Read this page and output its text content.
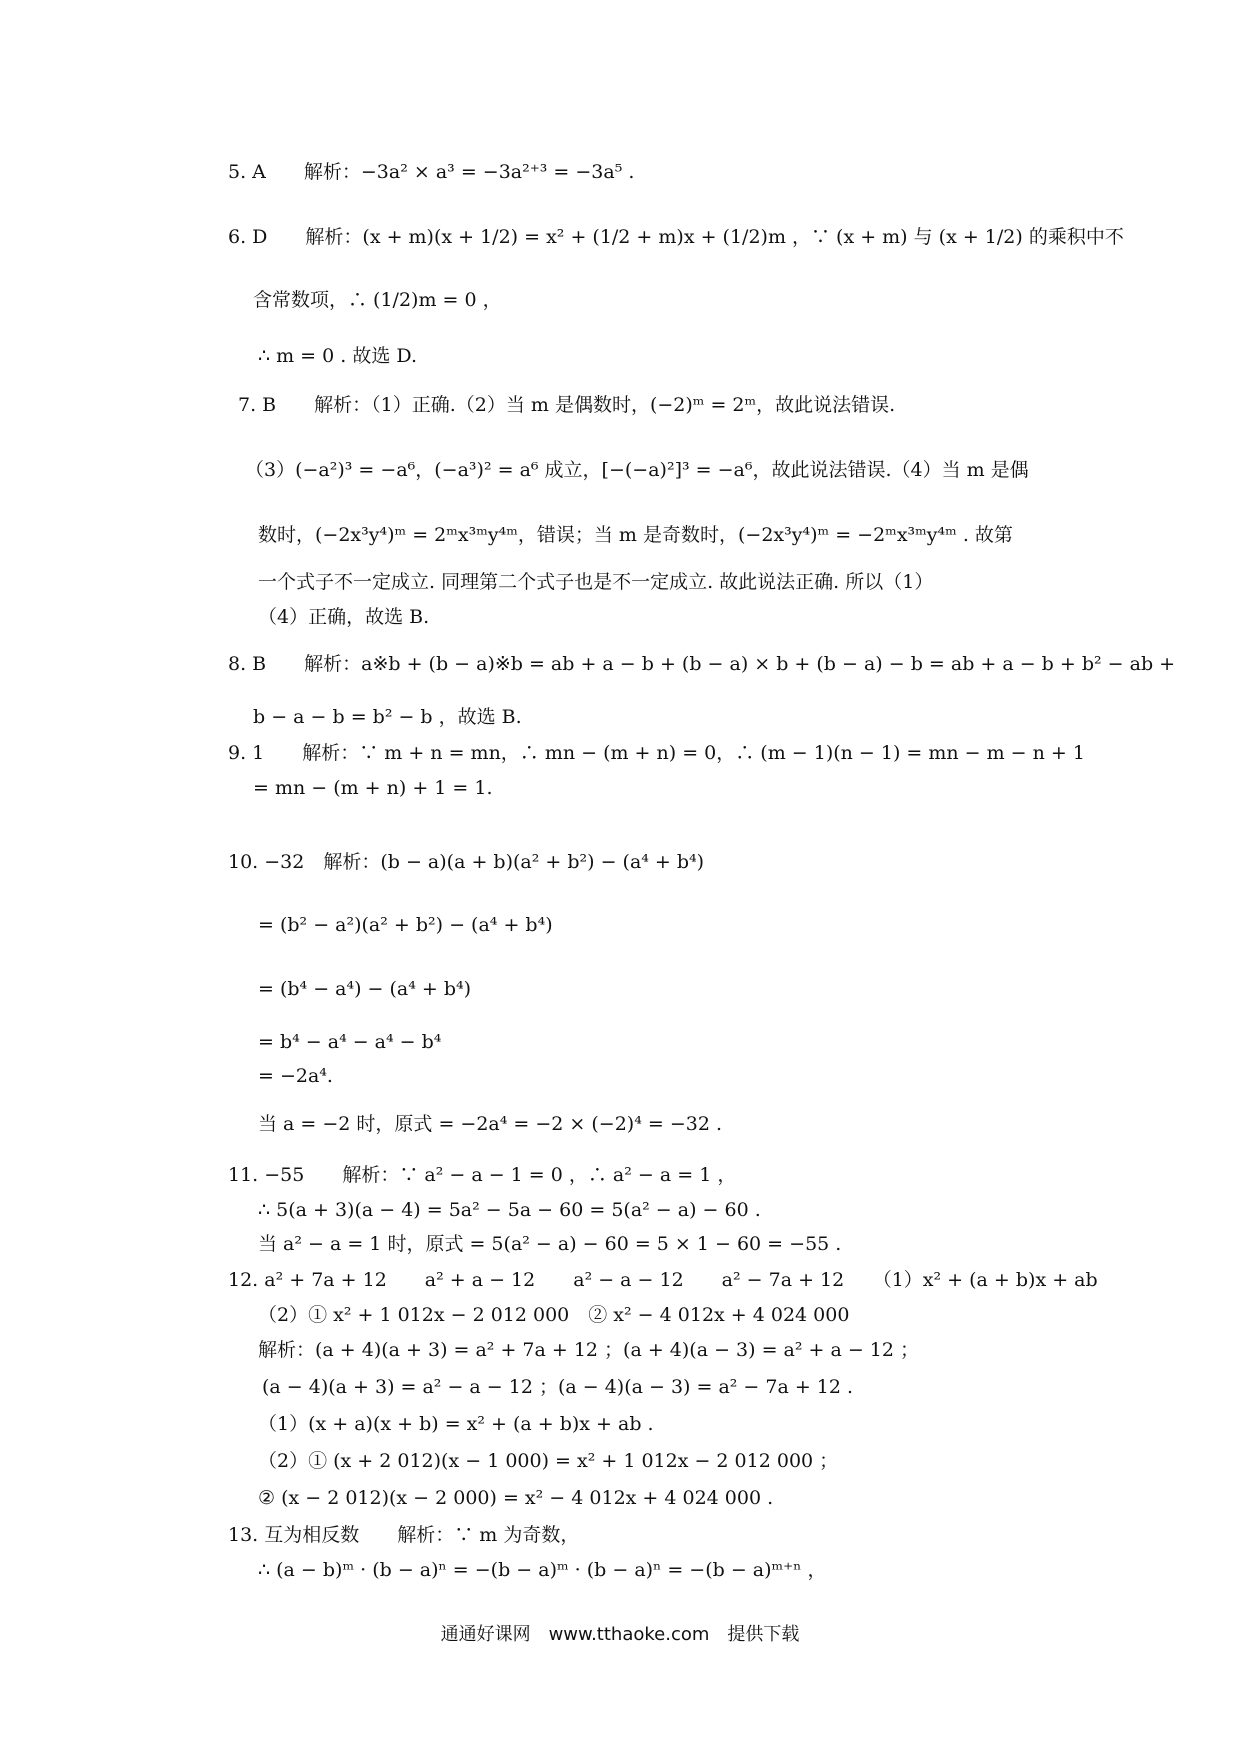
5. A　　解析：−3a² × a³ = −3a²⁺³ = −3a⁵ .
6. D　　解析：(x + m)(x + 1/2) = x² + (1/2 + m)x + (1/2)m ，∵ (x + m) 与 (x + 1/2) 的乘积中不
含常数项，∴ (1/2)m = 0 ，
∴ m = 0 . 故选 D.
7. B　　解析：（1）正确.（2）当 m 是偶数时，(−2)ᵐ = 2ᵐ，故此说法错误.
（3）(−a²)³ = −a⁶，(−a³)² = a⁶ 成立，[−(−a)²]³ = −a⁶，故此说法错误.（4）当 m 是偶
数时，(−2x³y⁴)ᵐ = 2ᵐx³ᵐy⁴ᵐ，错误；当 m 是奇数时，(−2x³y⁴)ᵐ = −2ᵐx³ᵐy⁴ᵐ . 故第
一个式子不一定成立. 同理第二个式子也是不一定成立. 故此说法正确. 所以（1）
（4）正确，故选 B.
8. B　　解析：a※b + (b − a)※b = ab + a − b + (b − a) × b + (b − a) − b = ab + a − b + b² − ab +
b − a − b = b² − b ，故选 B.
9. 1　　解析：∵ m + n = mn，∴ mn − (m + n) = 0，∴ (m − 1)(n − 1) = mn − m − n + 1
= mn − (m + n) + 1 = 1.
10. −32　解析：(b − a)(a + b)(a² + b²) − (a⁴ + b⁴)
= (b² − a²)(a² + b²) − (a⁴ + b⁴)
= (b⁴ − a⁴) − (a⁴ + b⁴)
= b⁴ − a⁴ − a⁴ − b⁴
= −2a⁴.
当 a = −2 时，原式 = −2a⁴ = −2 × (−2)⁴ = −32 .
11. −55　　解析：∵ a² − a − 1 = 0 ，∴ a² − a = 1 ，
∴ 5(a + 3)(a − 4) = 5a² − 5a − 60 = 5(a² − a) − 60 .
当 a² − a = 1 时，原式 = 5(a² − a) − 60 = 5 × 1 − 60 = −55 .
12. a² + 7a + 12　　a² + a − 12　　a² − a − 12　　a² − 7a + 12　　（1）x² + (a + b)x + ab
（2）① x² + 1 012x − 2 012 000　② x² − 4 012x + 4 024 000
解析：(a + 4)(a + 3) = a² + 7a + 12 ；(a + 4)(a − 3) = a² + a − 12 ；
(a − 4)(a + 3) = a² − a − 12 ；(a − 4)(a − 3) = a² − 7a + 12 .
（1）(x + a)(x + b) = x² + (a + b)x + ab .
（2）① (x + 2 012)(x − 1 000) = x² + 1 012x − 2 012 000 ；
② (x − 2 012)(x − 2 000) = x² − 4 012x + 4 024 000 .
13. 互为相反数　　解析：∵ m 为奇数，
∴ (a − b)ᵐ · (b − a)ⁿ = −(b − a)ᵐ · (b − a)ⁿ = −(b − a)ᵐ⁺ⁿ ，
通通好课网　www.tthaoke.com　提供下载
